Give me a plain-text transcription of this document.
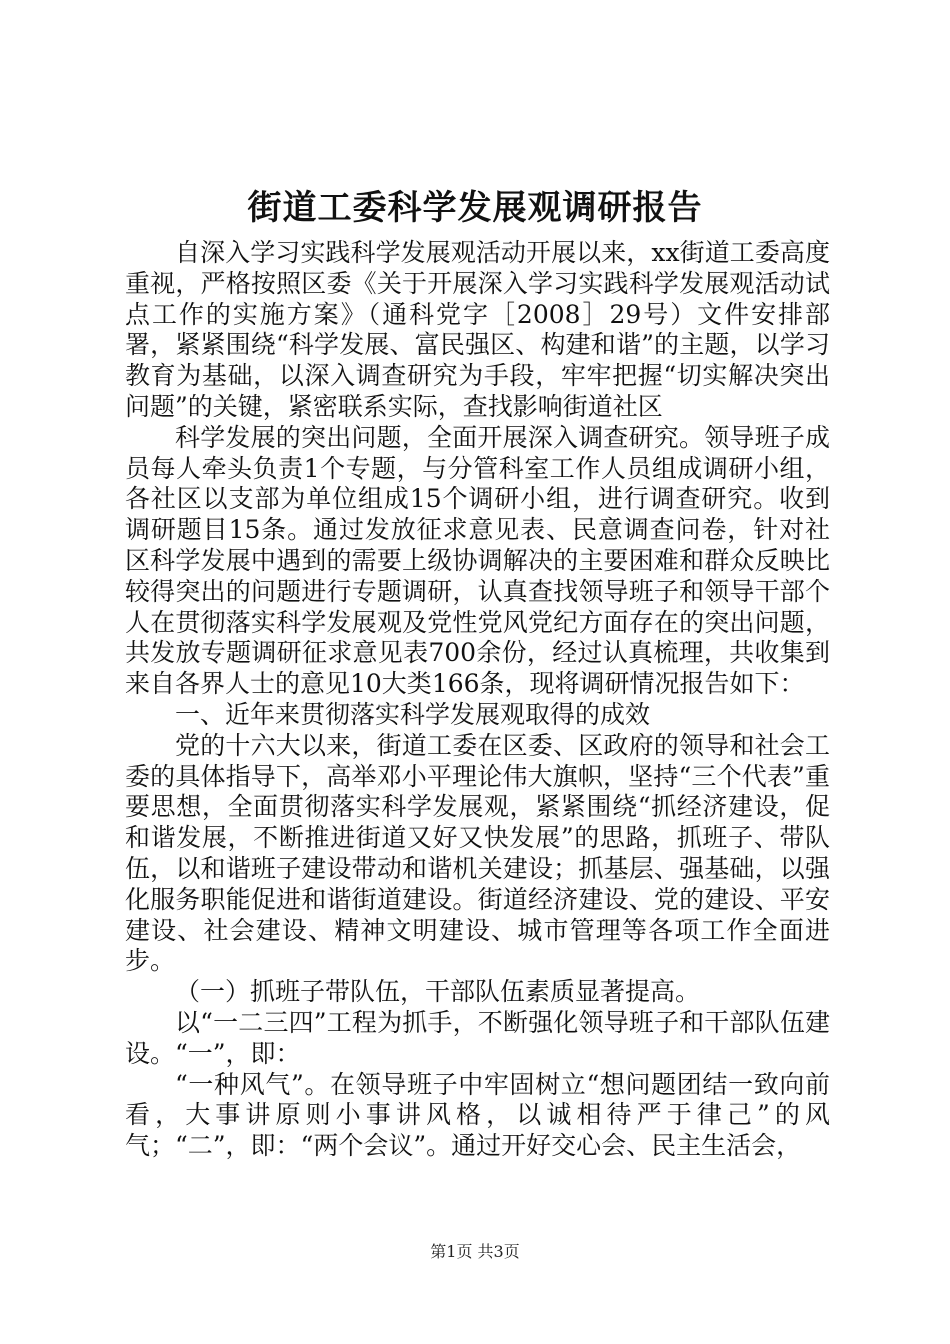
街道工委科学发展观调研报告

自深入学习实践科学发展观活动开展以来，xx街道工委高度重视，严格按照区委《关于开展深入学习实践科学发展观活动试点工作的实施方案》（通科党字［2008］29号）文件安排部署，紧紧围绕“科学发展、富民强区、构建和谐”的主题，以学习教育为基础，以深入调查研究为手段，牢牢把握“切实解决突出问题”的关键，紧密联系实际，查找影响街道社区

科学发展的突出问题，全面开展深入调查研究。领导班子成员每人牵头负责1个专题，与分管科室工作人员组成调研小组，各社区以支部为单位组成15个调研小组，进行调查研究。收到调研题目15条。通过发放征求意见表、民意调查问卷，针对社区科学发展中遇到的需要上级协调解决的主要困难和群众反映比较得突出的问题进行专题调研，认真查找领导班子和领导干部个人在贯彻落实科学发展观及党性党风党纪方面存在的突出问题，共发放专题调研征求意见表700余份，经过认真梳理，共收集到来自各界人士的意见10大类166条，现将调研情况报告如下：

一、近年来贯彻落实科学发展观取得的成效

党的十六大以来，街道工委在区委、区政府的领导和社会工委的具体指导下，高举邓小平理论伟大旗帜，坚持“三个代表”重要思想，全面贯彻落实科学发展观，紧紧围绕“抓经济建设，促和谐发展，不断推进街道又好又快发展”的思路，抓班子、带队伍，以和谐班子建设带动和谐机关建设；抓基层、强基础，以强化服务职能促进和谐街道建设。街道经济建设、党的建设、平安建设、社会建设、精神文明建设、城市管理等各项工作全面进步。

（一）抓班子带队伍，干部队伍素质显著提高。

以“一二三四”工程为抓手，不断强化领导班子和干部队伍建设。“一”，即：

“一种风气”。在领导班子中牢固树立“想问题团结一致向前看，大事讲原则小事讲风格，以诚相待严于律己”的风气；“二”，即：“两个会议”。通过开好交心会、民主生活会，

第1页 共3页
